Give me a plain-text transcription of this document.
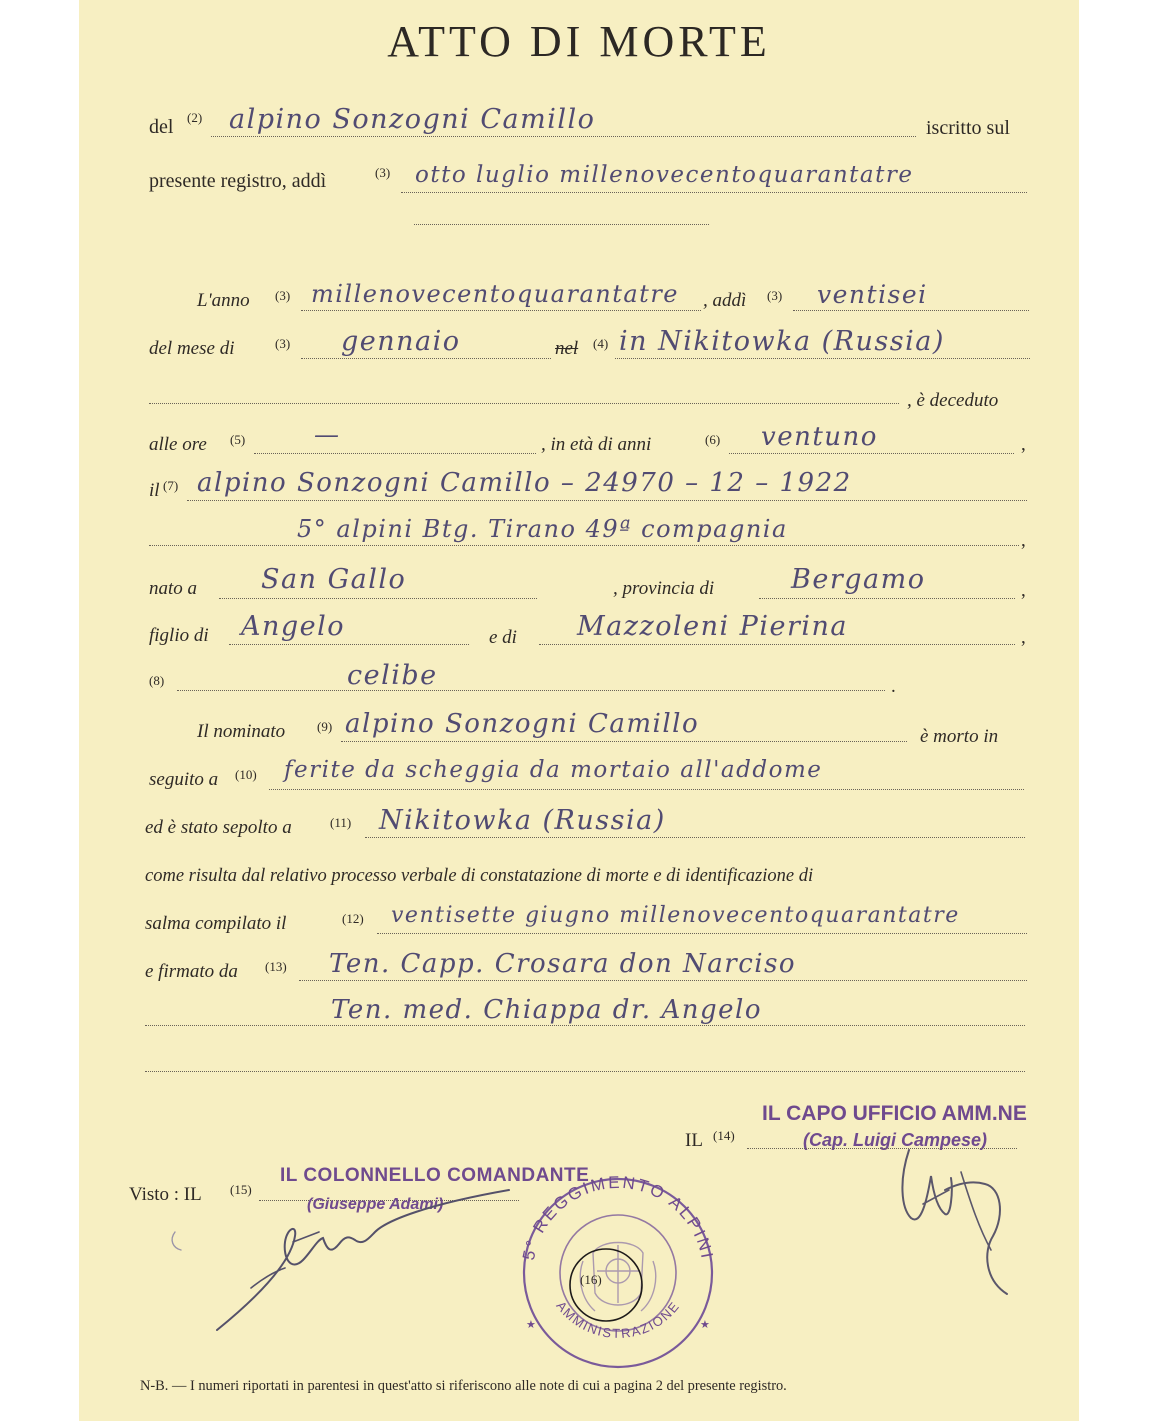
ATTO DI MORTE
del (2) alpino Sonzogni Camillo	iscritto sul
presente registro, addì	(3) otto luglio millenovecentoquarantatre
L'anno (3) millenovecentoquarantatre , addì (3) ventisei
del mese di	(3) gennaio	nel (4) in Nikitowka (Russia)
, è deceduto
alle ore (5)	—	, in età di anni	(6) ventuno	,
il (7) alpino Sonzogni Camillo – 24970 – 12 – 1922
5° alpini Btg. Tirano 49ª compagnia	,
nato a San Gallo	, provincia di	Bergamo	,
figlio di Angelo	e di Mazzoleni Pierina	,
(8)	celibe	.
Il nominato (9) alpino Sonzogni Camillo	è morto in
seguito a (10) ferite da scheggia da mortaio all'addome
ed è stato sepolto a	(11) Nikitowka (Russia)
come risulta dal relativo processo verbale di constatazione di morte e di identificazione di
salma compilato il	(12) ventisette giugno millenovecentoquarantatre
e firmato da (13) Ten. Capp. Crosara don Narciso
Ten. med. Chiappa dr. Angelo
IL CAPO UFFICIO AMM.NE
(Cap. Luigi Campese)
IL (14)
Visto : IL (15)
IL COLONNELLO COMANDANTE
(Giuseppe Adami)
5° REGGIMENTO ALPINI
AMMINISTRAZIONE
★	★
(16)
N-B. — I numeri riportati in parentesi in quest'atto si riferiscono alle note di cui a pagina 2 del presente registro.
